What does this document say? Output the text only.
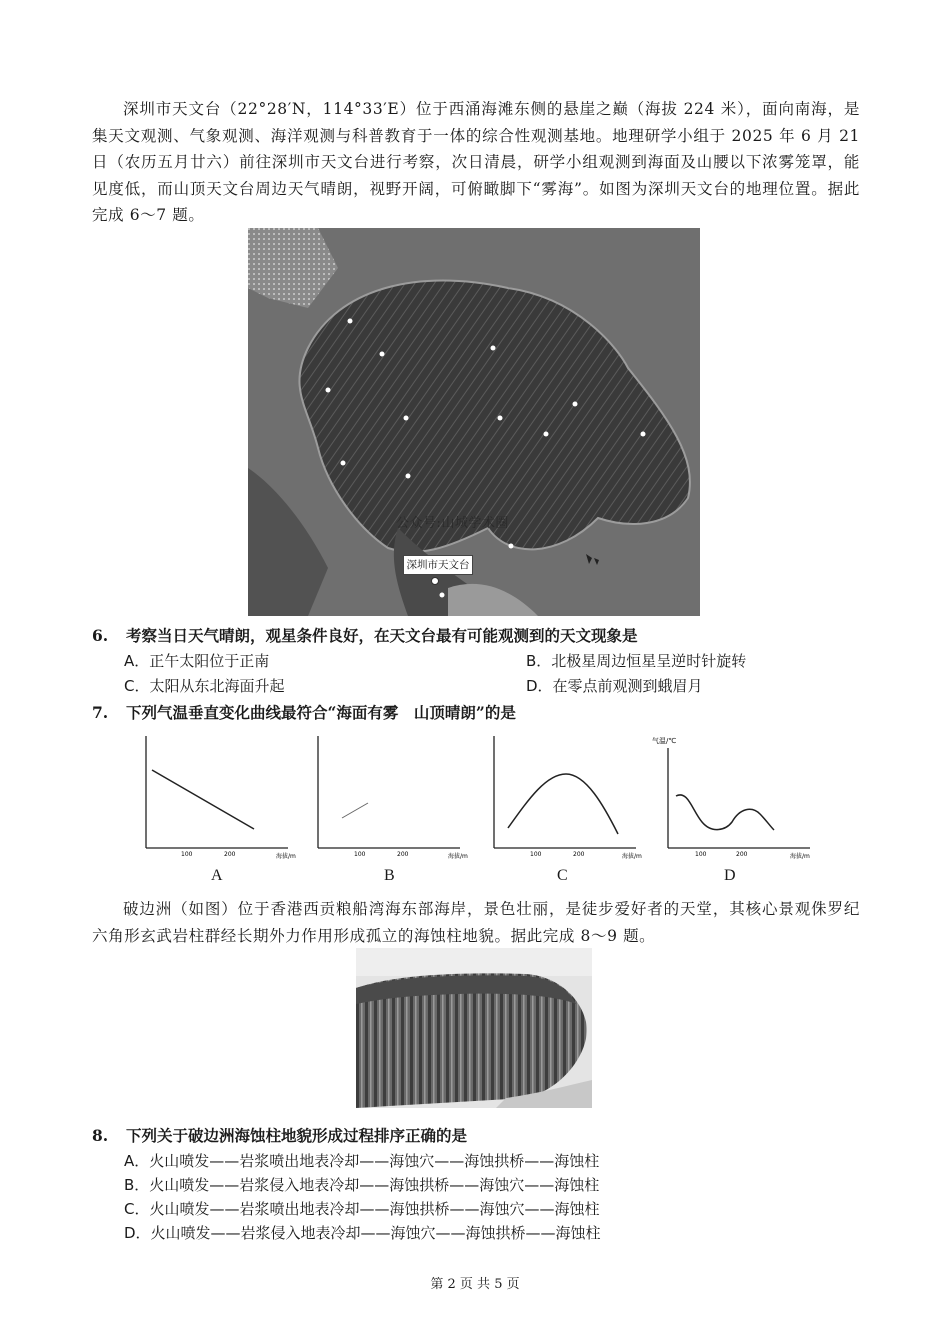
深圳市天文台（22°28′N，114°33′E）位于西涌海滩东侧的悬崖之巅（海拔 224 米），面向南海，是集天文观测、气象观测、海洋观测与科普教育于一体的综合性观测基地。地理研学小组于 2025 年 6 月 21 日（农历五月廿六）前往深圳市天文台进行考察，次日清晨，研学小组观测到海面及山腰以下浓雾笼罩，能见度低，而山顶天文台周边天气晴朗，视野开阔，可俯瞰脚下“雾海”。如图为深圳天文台的地理位置。据此完成 6～7 题。
公众号:山城学术圈
深圳市天文台
6. 考察当日天气晴朗，观星条件良好，在天文台最有可能观测到的天文现象是
A．正午太阳位于正南	B．北极星周边恒星呈逆时针旋转
C．太阳从东北海面升起	D．在零点前观测到蛾眉月
7. 下列气温垂直变化曲线最符合“海面有雾　山顶晴朗”的是
100	200	海拔/m
A
100	200	海拔/m
B
100	200	海拔/m
C
气温/℃
100	200	海拔/m
D
破边洲（如图）位于香港西贡粮船湾海东部海岸，景色壮丽，是徒步爱好者的天堂，其核心景观侏罗纪六角形玄武岩柱群经长期外力作用形成孤立的海蚀柱地貌。据此完成 8～9 题。
8. 下列关于破边洲海蚀柱地貌形成过程排序正确的是
A．火山喷发——岩浆喷出地表冷却——海蚀穴——海蚀拱桥——海蚀柱
B．火山喷发——岩浆侵入地表冷却——海蚀拱桥——海蚀穴——海蚀柱
C．火山喷发——岩浆喷出地表冷却——海蚀拱桥——海蚀穴——海蚀柱
D．火山喷发——岩浆侵入地表冷却——海蚀穴——海蚀拱桥——海蚀柱
第 2 页 共 5 页
